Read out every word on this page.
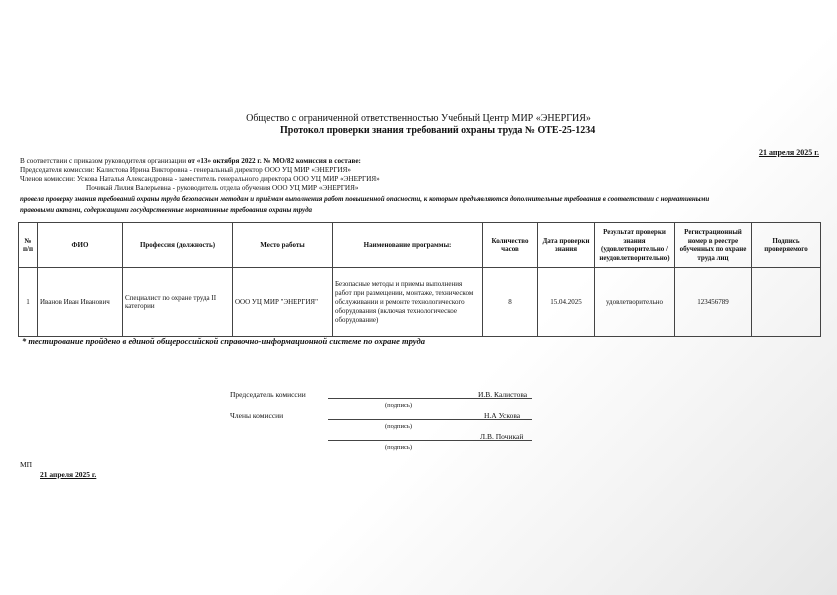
Общество с ограниченной ответственностью Учебный Центр МИР «ЭНЕРГИЯ»
Протокол проверки знания требований охраны труда № ОТЕ-25-1234
21 апреля 2025 г.
В соответствии с приказом руководителя организации от «13» октября 2022 г. № МО/82 комиссия в составе:
Председателя комиссии: Калистова Ирина Викторовна - генеральный директор ООО УЦ МИР «ЭНЕРГИЯ»
Членов комиссии: Ускова Наталья Александровна - заместитель генерального директора ООО УЦ МИР «ЭНЕРГИЯ»
Почикай Лилия Валерьевна - руководитель отдела обучения ООО УЦ МИР «ЭНЕРГИЯ»
провела проверку знания требований охраны труда безопасным методам и приёмам выполнения работ повышенной опасности, к которым предъявляются дополнительные требования в соответствии с нормативными
правовыми актами, содержащими государственные нормативные требования охраны труда
№ п/п	ФИО	Профессия (должность)	Место работы	Наименование программы:	Количество часов	Дата проверки знания	Результат проверки знания (удовлетворительно / неудовлетворительно)	Регистрационный номер в реестре обученных по охране труда лиц	Подпись проверяемого
1	Иванов Иван Иванович	Специалист по охране труда II категории	ООО УЦ МИР "ЭНЕРГИЯ"	Безопасные методы и приемы выполнения работ при размещении, монтаже, техническом обслуживании и ремонте технологического оборудования (включая технологическое оборудование)	8	15.04.2025	удовлетворительно	123456789	
* тестирование пройдено в единой общероссийской справочно-информационной системе по охране труда
Председатель комиссии	И.В. Калистова
(подпись)
Члены комиссии	Н.А Ускова
(подпись)
Л.В. Почикай
(подпись)
МП
21 апреля 2025 г.
